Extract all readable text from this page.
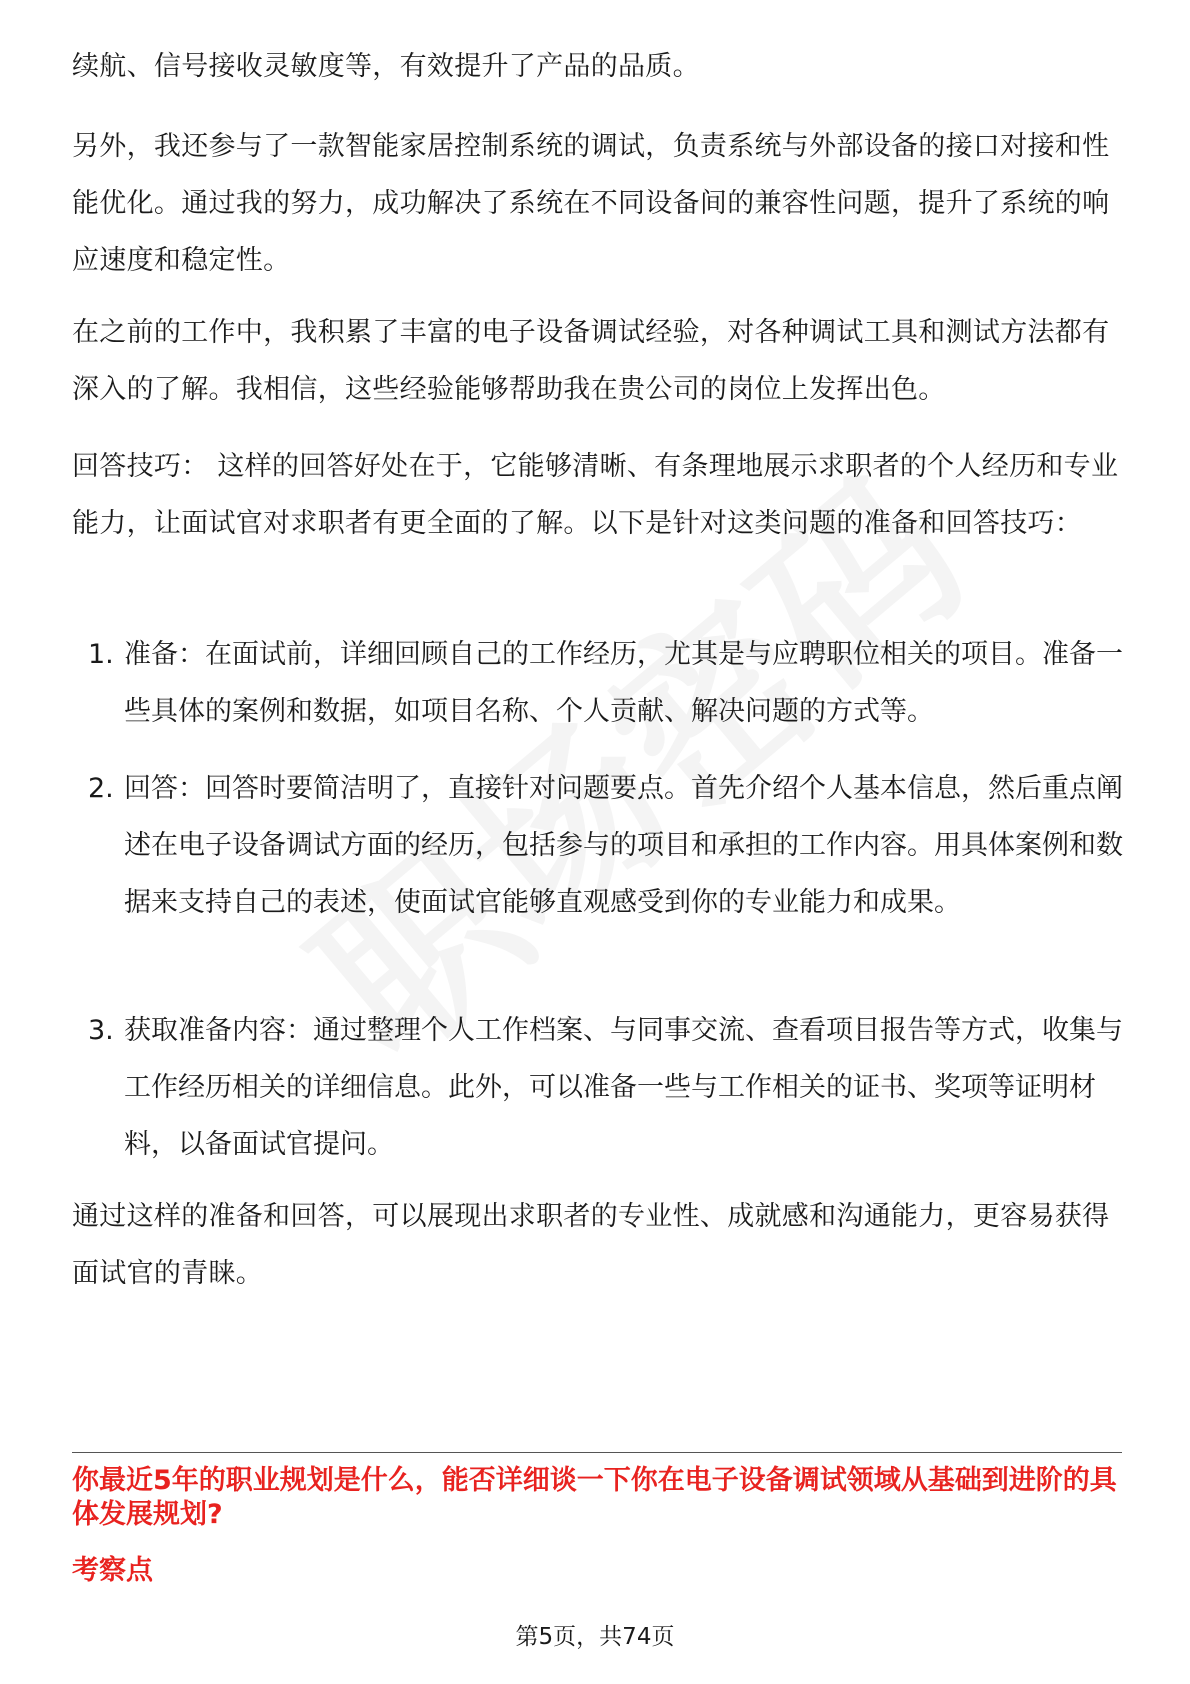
续航、信号接收灵敏度等，有效提升了产品的品质。

另外，我还参与了一款智能家居控制系统的调试，负责系统与外部设备的接口对接和性能优化。通过我的努力，成功解决了系统在不同设备间的兼容性问题，提升了系统的响应速度和稳定性。

在之前的工作中，我积累了丰富的电子设备调试经验，对各种调试工具和测试方法都有深入的了解。我相信，这些经验能够帮助我在贵公司的岗位上发挥出色。

回答技巧： 这样的回答好处在于，它能够清晰、有条理地展示求职者的个人经历和专业能力，让面试官对求职者有更全面的了解。以下是针对这类问题的准备和回答技巧：

1. 准备：在面试前，详细回顾自己的工作经历，尤其是与应聘职位相关的项目。准备一些具体的案例和数据，如项目名称、个人贡献、解决问题的方式等。
2. 回答：回答时要简洁明了，直接针对问题要点。首先介绍个人基本信息，然后重点阐述在电子设备调试方面的经历，包括参与的项目和承担的工作内容。用具体案例和数据来支持自己的表述，使面试官能够直观感受到你的专业能力和成果。
3. 获取准备内容：通过整理个人工作档案、与同事交流、查看项目报告等方式，收集与工作经历相关的详细信息。此外，可以准备一些与工作相关的证书、奖项等证明材料，以备面试官提问。

通过这样的准备和回答，可以展现出求职者的专业性、成就感和沟通能力，更容易获得面试官的青睐。

你最近5年的职业规划是什么，能否详细谈一下你在电子设备调试领域从基础到进阶的具体发展规划?

考察点

第5页，共74页
